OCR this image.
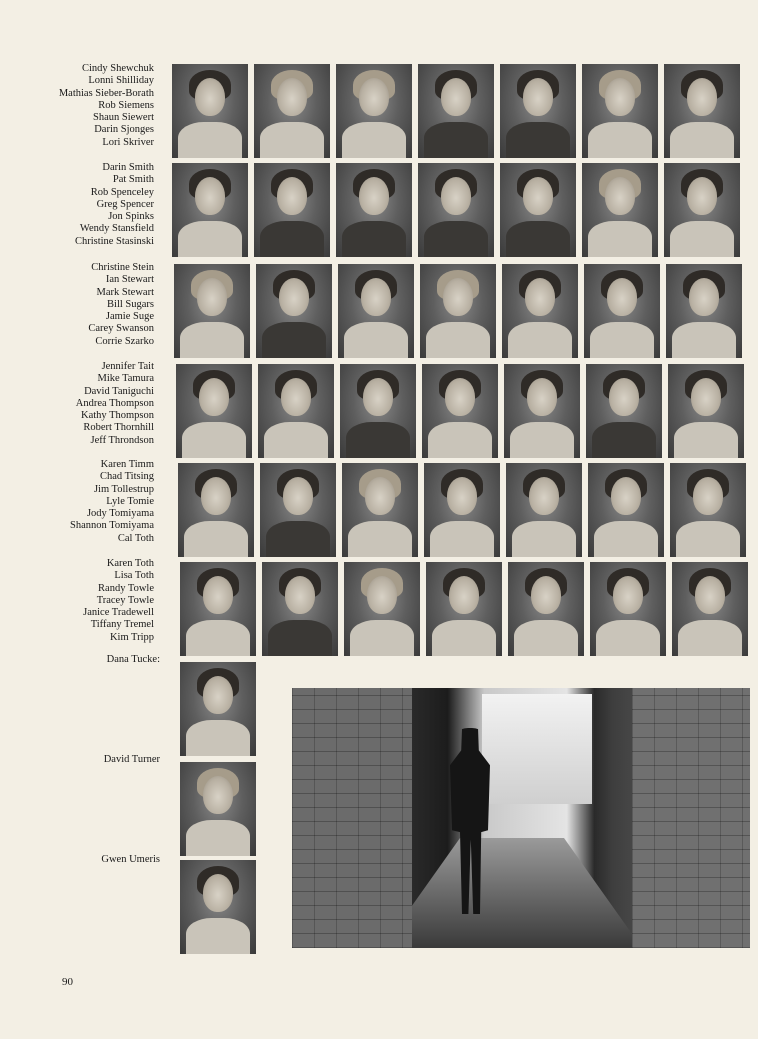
Cindy Shewchuk
Lonni Shilliday
Mathias Sieber-Borath
Rob Siemens
Shaun Siewert
Darin Sjonges
Lori Skriver
Darin Smith
Pat Smith
Rob Spenceley
Greg Spencer
Jon Spinks
Wendy Stansfield
Christine Stasinski
Christine Stein
Ian Stewart
Mark Stewart
Bill Sugars
Jamie Suge
Carey Swanson
Corrie Szarko
Jennifer Tait
Mike Tamura
David Taniguchi
Andrea Thompson
Kathy Thompson
Robert Thornhill
Jeff Throndson
Karen Timm
Chad Titsing
Jim Tollestrup
Lyle Tomie
Jody Tomiyama
Shannon Tomiyama
Cal Toth
Karen Toth
Lisa Toth
Randy Towle
Tracey Towle
Janice Tradewell
Tiffany Tremel
Kim Tripp
Dana Tucke:
David Turner
Gwen Umeris
90
